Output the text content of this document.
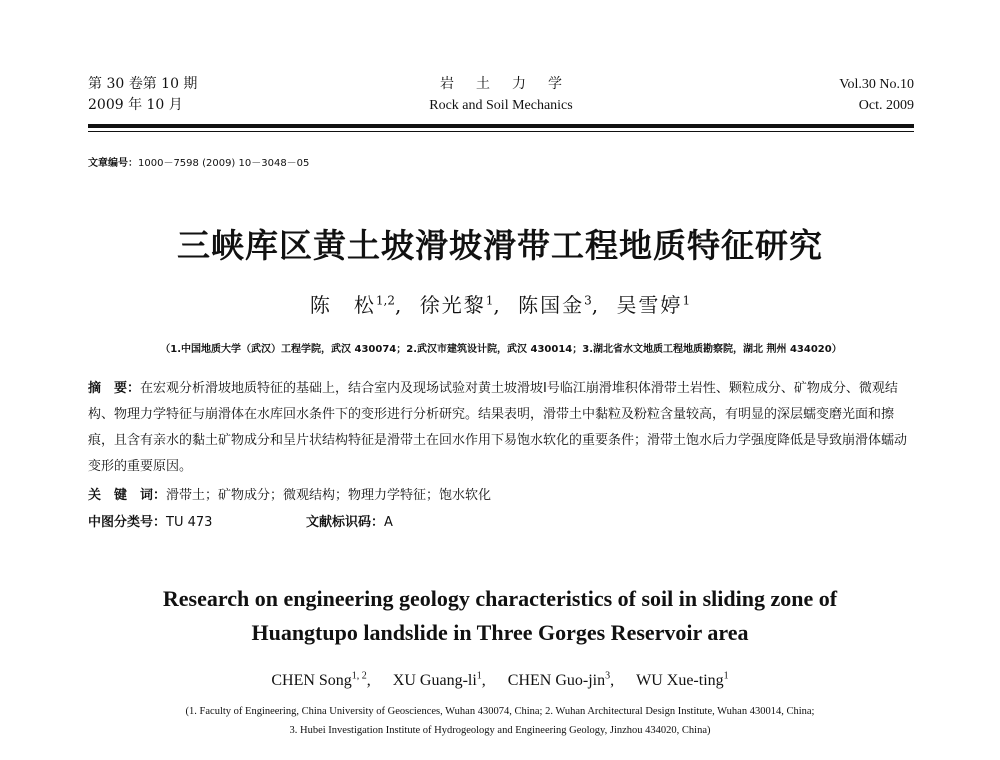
第 30 卷第 10 期
2009 年 10 月
岩土力学
Rock and Soil Mechanics
Vol.30 No.10
Oct. 2009
文章编号：1000－7598 (2009) 10－3048－05
三峡库区黄土坡滑坡滑带工程地质特征研究
陈　松$^{1,2}$, 徐光黎$^1$, 陈国金$^3$, 吴雪婷$^1$
（1.中国地质大学（武汉）工程学院，武汉 430074；2.武汉市建筑设计院，武汉 430014；3.湖北省水文地质工程地质勘察院，湖北 荆州 434020）
摘　要：在宏观分析滑坡地质特征的基础上，结合室内及现场试验对黄土坡滑坡Ⅰ号临江崩滑堆积体滑带土岩性、颗粒成分、矿物成分、微观结构、物理力学特征与崩滑体在水库回水条件下的变形进行分析研究。结果表明，滑带土中黏粒及粉粒含量较高，有明显的深层蠕变磨光面和擦痕，且含有亲水的黏土矿物成分和呈片状结构特征是滑带土在回水作用下易饱水软化的重要条件；滑带土饱水后力学强度降低是导致崩滑体蠕动变形的重要原因。
关　键　词：滑带土；矿物成分；微观结构；物理力学特征；饱水软化
中图分类号：TU 473	文献标识码：A
Research on engineering geology characteristics of soil in sliding zone of
Huangtupo landslide in Three Gorges Reservoir area
CHEN Song$^{1, 2}$, XU Guang-$li^1$, CHEN Guo-jin$^3$, WU Xue-ting$^1$
(1. Faculty of Engineering, China University of Geosciences, Wuhan 430074, China; 2. Wuhan Architectural Design Institute, Wuhan 430014, China;
3. Hubei Investigation Institute of Hydrogeology and Engineering Geology, Jinzhou 434020, China)
